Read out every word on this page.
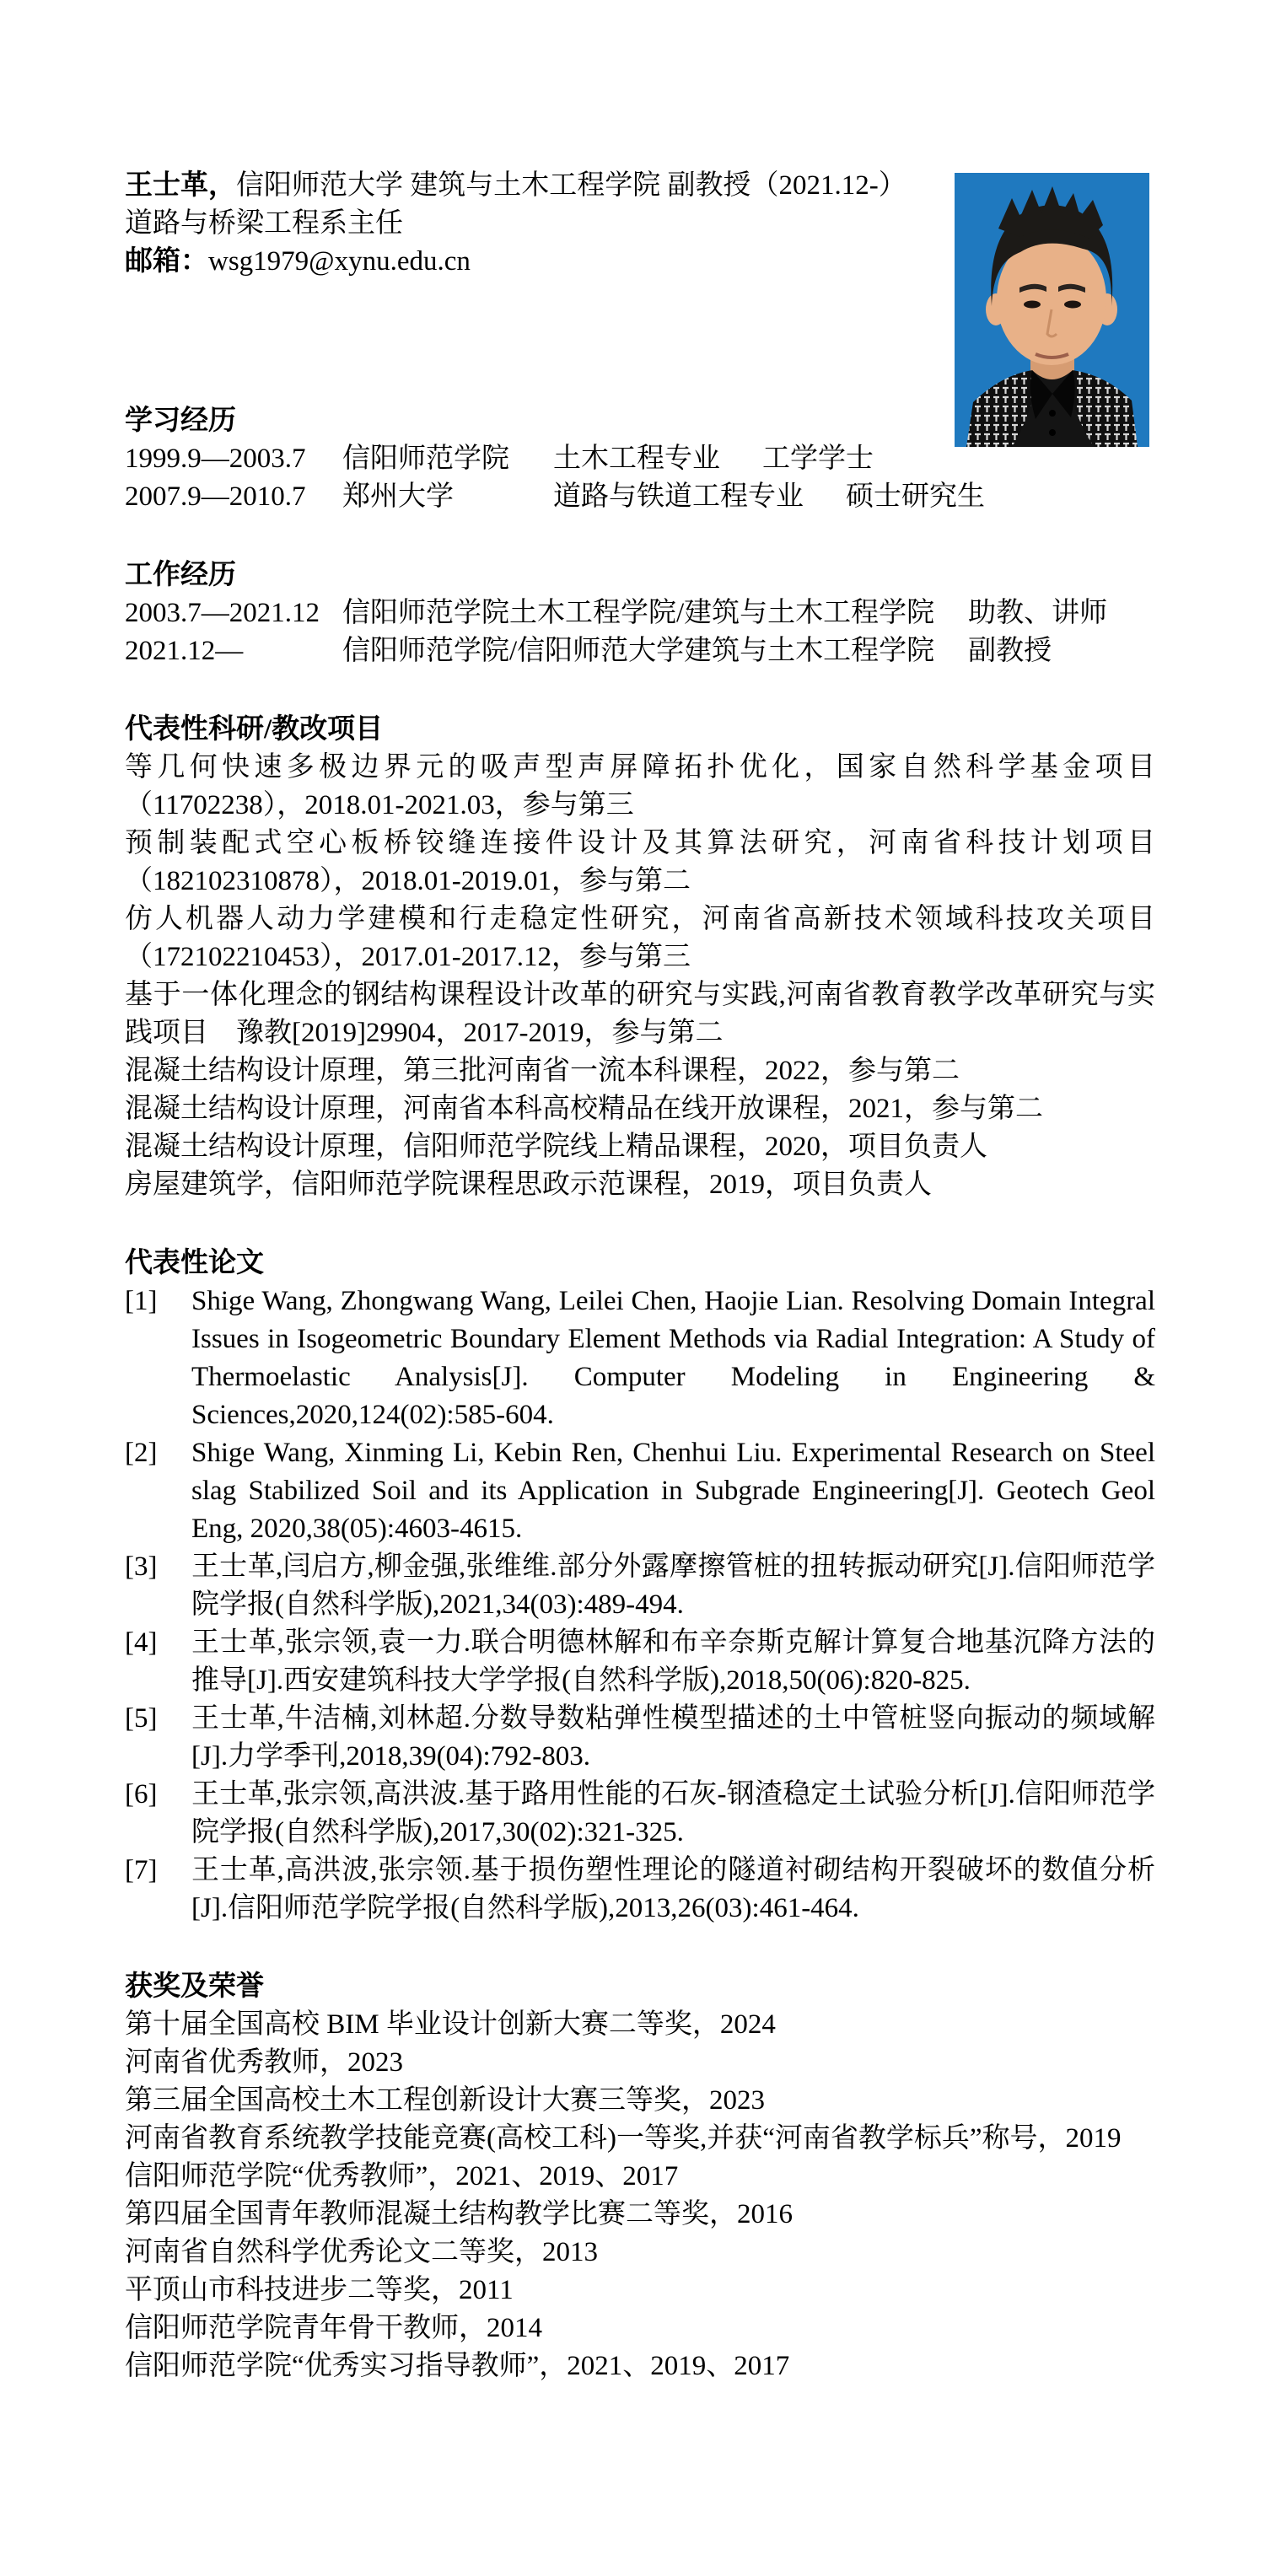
王士革，信阳师范大学 建筑与土木工程学院 副教授（2021.12-）

道路与桥梁工程系主任

邮箱：wsg1979@xynu.edu.cn

学习经历

1999.9—2003.7	信阳师范学院	土木工程专业 工学学士
2007.9—2010.7	郑州大学	道路与铁道工程专业 硕士研究生

工作经历

2003.7—2021.12 信阳师范学院土木工程学院/建筑与土木工程学院 助教、讲师
2021.12—	信阳师范学院/信阳师范大学建筑与土木工程学院 副教授

代表性科研/教改项目

等几何快速多极边界元的吸声型声屏障拓扑优化，国家自然科学基金项目（11702238），2018.01-2021.03，参与第三

预制装配式空心板桥铰缝连接件设计及其算法研究，河南省科技计划项目（182102310878），2018.01-2019.01，参与第二

仿人机器人动力学建模和行走稳定性研究，河南省高新技术领域科技攻关项目（172102210453），2017.01-2017.12，参与第三

基于一体化理念的钢结构课程设计改革的研究与实践,河南省教育教学改革研究与实践项目　豫教[2019]29904，2017-2019，参与第二

混凝土结构设计原理，第三批河南省一流本科课程，2022，参与第二

混凝土结构设计原理，河南省本科高校精品在线开放课程，2021，参与第二

混凝土结构设计原理，信阳师范学院线上精品课程，2020，项目负责人

房屋建筑学，信阳师范学院课程思政示范课程，2019，项目负责人

代表性论文

[1]	Shige Wang, Zhongwang Wang, Leilei Chen, Haojie Lian. Resolving Domain Integral Issues in Isogeometric Boundary Element Methods via Radial Integration: A Study of Thermoelastic Analysis[J]. Computer Modeling in Engineering & Sciences,2020,124(02):585-604.
[2]	Shige Wang, Xinming Li, Kebin Ren, Chenhui Liu. Experimental Research on Steel slag Stabilized Soil and its Application in Subgrade Engineering[J]. Geotech Geol Eng, 2020,38(05):4603-4615.
[3]	王士革,闫启方,柳金强,张维维.部分外露摩擦管桩的扭转振动研究[J].信阳师范学院学报(自然科学版),2021,34(03):489-494.
[4]	王士革,张宗领,袁一力.联合明德林解和布辛奈斯克解计算复合地基沉降方法的推导[J].西安建筑科技大学学报(自然科学版),2018,50(06):820-825.
[5]	王士革,牛洁楠,刘林超.分数导数粘弹性模型描述的土中管桩竖向振动的频域解[J].力学季刊,2018,39(04):792-803.
[6]	王士革,张宗领,高洪波.基于路用性能的石灰-钢渣稳定土试验分析[J].信阳师范学院学报(自然科学版),2017,30(02):321-325.
[7]	王士革,高洪波,张宗领.基于损伤塑性理论的隧道衬砌结构开裂破坏的数值分析[J].信阳师范学院学报(自然科学版),2013,26(03):461-464.

获奖及荣誉

第十届全国高校 BIM 毕业设计创新大赛二等奖，2024

河南省优秀教师，2023

第三届全国高校土木工程创新设计大赛三等奖，2023

河南省教育系统教学技能竞赛(高校工科)一等奖,并获“河南省教学标兵”称号，2019

信阳师范学院“优秀教师”，2021、2019、2017

第四届全国青年教师混凝土结构教学比赛二等奖，2016

河南省自然科学优秀论文二等奖，2013

平顶山市科技进步二等奖，2011

信阳师范学院青年骨干教师，2014

信阳师范学院“优秀实习指导教师”，2021、2019、2017
